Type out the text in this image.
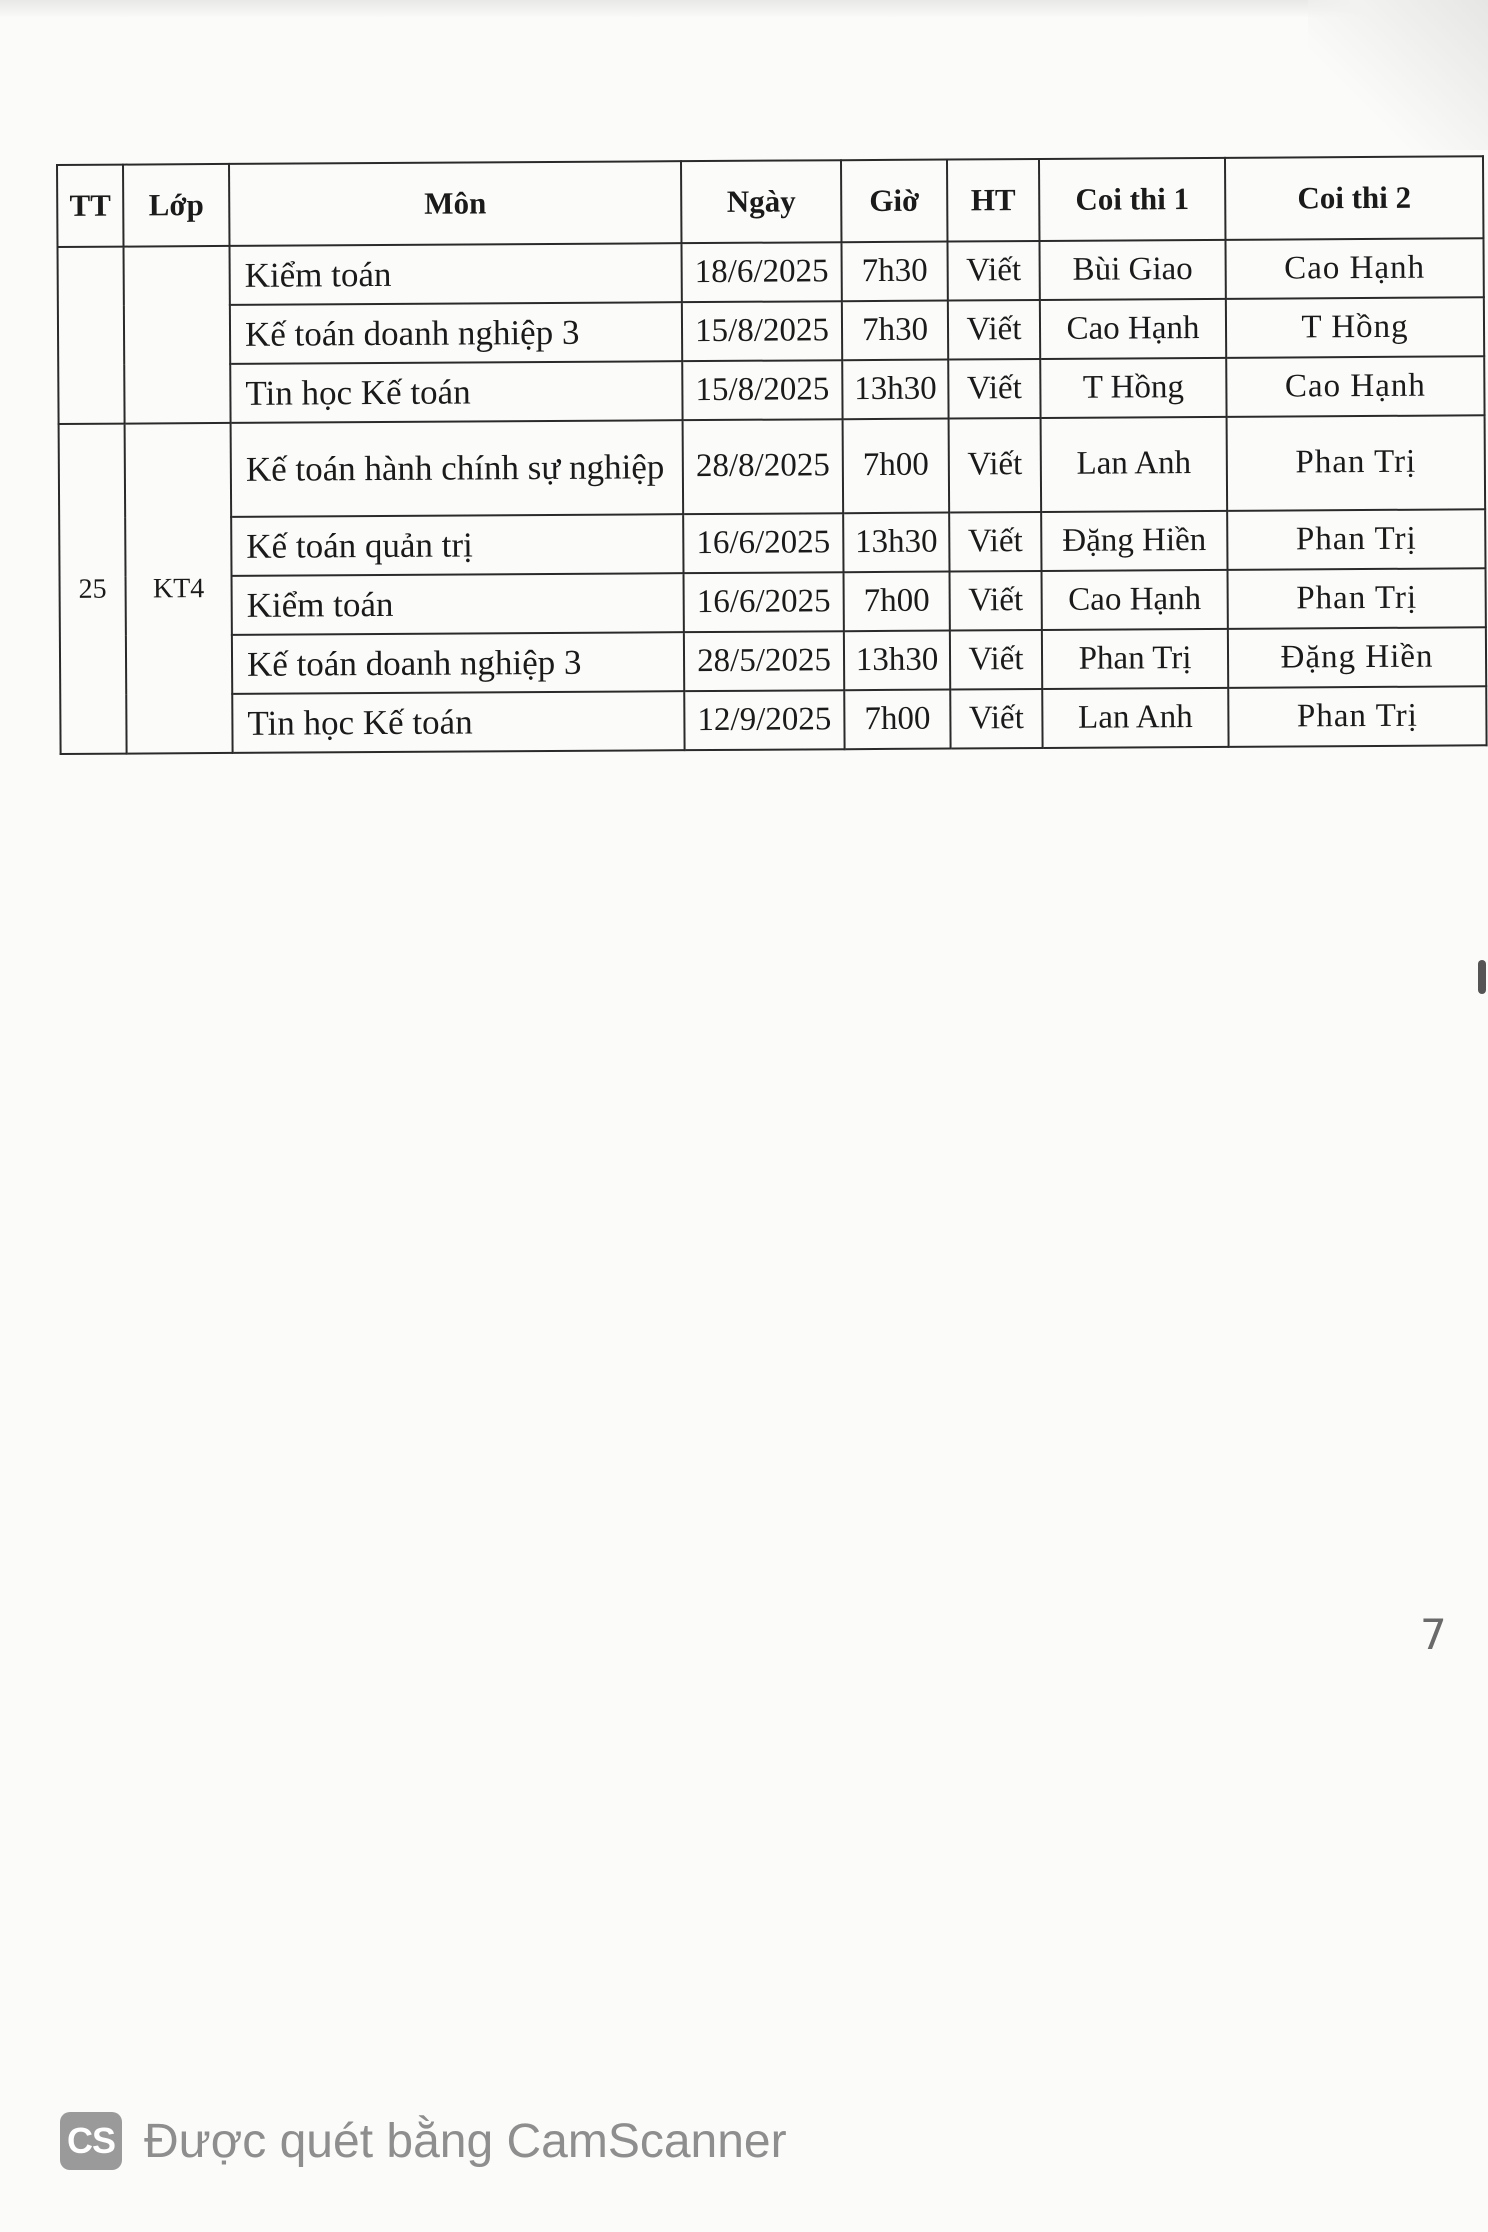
TT	Lớp	Môn	Ngày	Giờ	HT	Coi thi 1	Coi thi 2
		Kiểm toán	18/6/2025	7h30	Viết	Bùi Giao	Cao Hạnh
		Kế toán doanh nghiệp 3	15/8/2025	7h30	Viết	Cao Hạnh	T Hồng
		Tin học Kế toán	15/8/2025	13h30	Viết	T Hồng	Cao Hạnh
25	KT4	Kế toán hành chính sự nghiệp	28/8/2025	7h00	Viết	Lan Anh	Phan Trị
		Kế toán quản trị	16/6/2025	13h30	Viết	Đặng Hiền	Phan Trị
		Kiểm toán	16/6/2025	7h00	Viết	Cao Hạnh	Phan Trị
		Kế toán doanh nghiệp 3	28/5/2025	13h30	Viết	Phan Trị	Đặng Hiền
		Tin học Kế toán	12/9/2025	7h00	Viết	Lan Anh	Phan Trị
7
CS Được quét bằng CamScanner
